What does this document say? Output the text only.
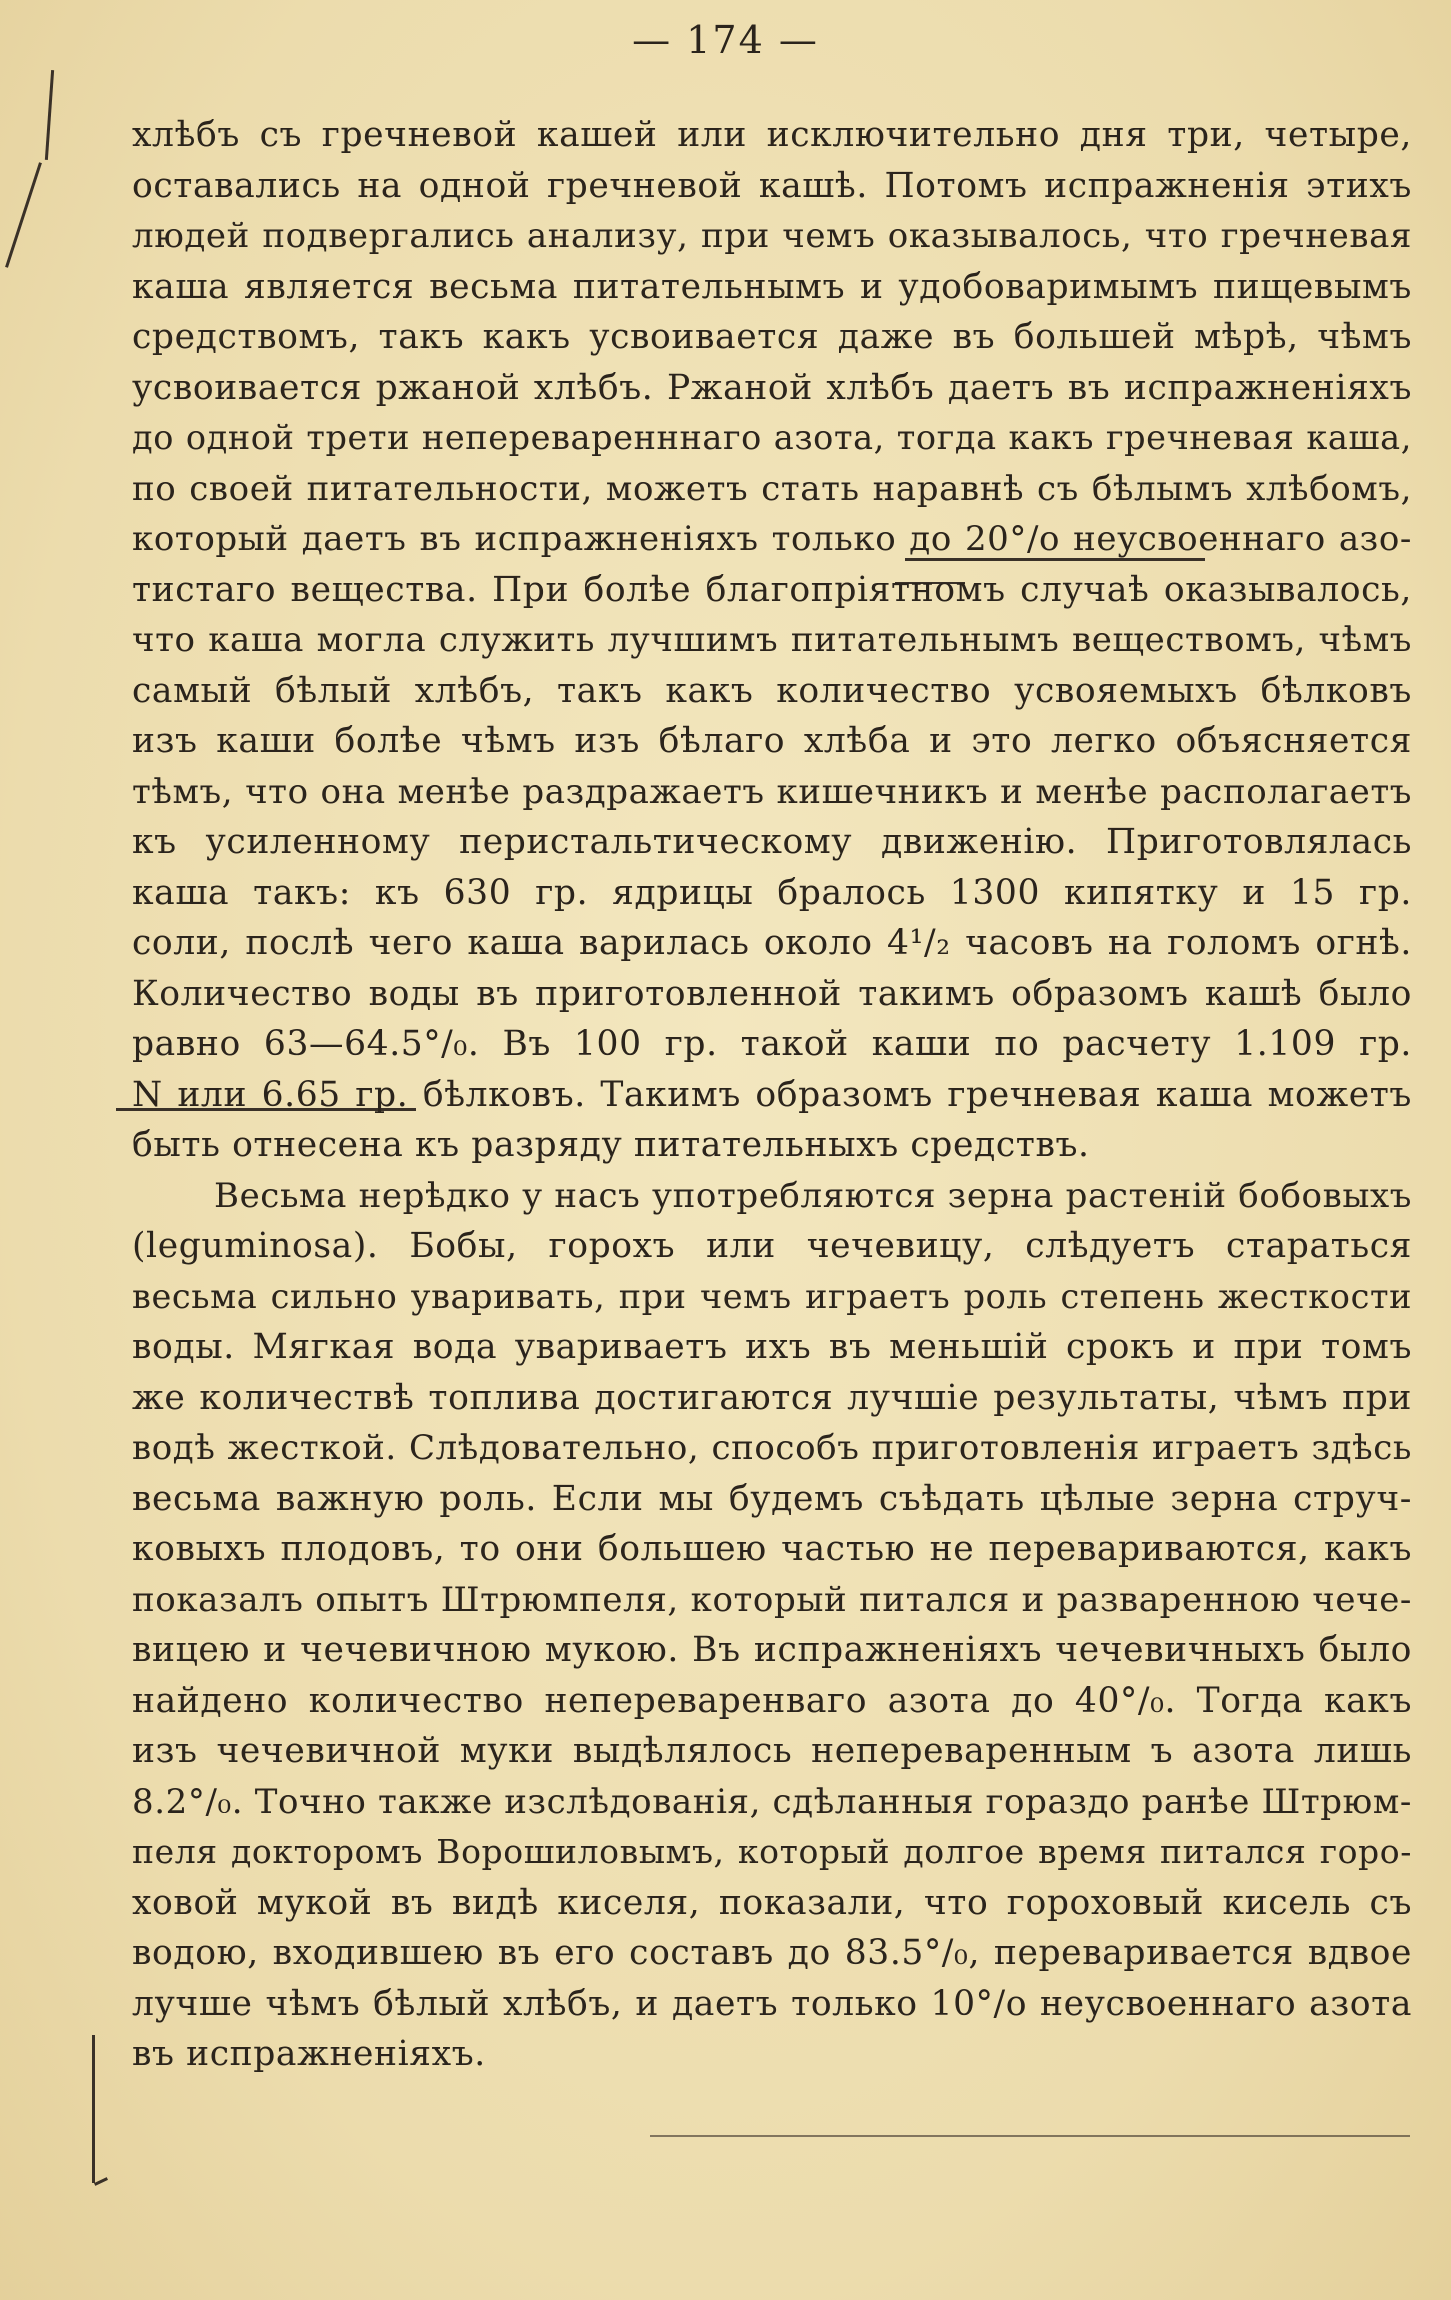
— 174 —
хлѣбъ съ гречневой кашей или исключительно дня три, четыре,
оставались на одной гречневой кашѣ. Потомъ испражненія этихъ
людей подвергались анализу, при чемъ оказывалось, что гречневая
каша является весьма питательнымъ и удобоваримымъ пищевымъ
средствомъ, такъ какъ усвоивается даже въ большей мѣрѣ, чѣмъ
усвоивается ржаной хлѣбъ. Ржаной хлѣбъ даетъ въ испражненіяхъ
до одной трети непереваренннаго азота, тогда какъ гречневая каша,
по своей питательности, можетъ стать наравнѣ съ бѣлымъ хлѣбомъ,
который даетъ въ испражненіяхъ только до 20°/о неусвоеннаго азо-
тистаго вещества. При болѣе благопріятномъ случаѣ оказывалось,
что каша могла служить лучшимъ питательнымъ веществомъ, чѣмъ
самый бѣлый хлѣбъ, такъ какъ количество усвояемыхъ бѣлковъ
изъ каши болѣе чѣмъ изъ бѣлаго хлѣба и это легко объясняется
тѣмъ, что она менѣе раздражаетъ кишечникъ и менѣе располагаетъ
къ усиленному перистальтическому движенію. Приготовлялась
каша такъ: къ 630 гр. ядрицы бралось 1300 кипятку и 15 гр.
соли, послѣ чего каша варилась около 4¹/₂ часовъ на голомъ огнѣ.
Количество воды въ приготовленной такимъ образомъ кашѣ было
равно 63—64.5°/₀. Въ 100 гр. такой каши по расчету 1.109 гр.
N или 6.65 гр. бѣлковъ. Такимъ образомъ гречневая каша можетъ
быть отнесена къ разряду питательныхъ средствъ.
Весьма нерѣдко у насъ употребляются зерна растеній бобовыхъ
(leguminosa). Бобы, горохъ или чечевицу, слѣдуетъ стараться
весьма сильно уваривать, при чемъ играетъ роль степень жесткости
воды. Мягкая вода увариваетъ ихъ въ меньшій срокъ и при томъ
же количествѣ топлива достигаются лучшіе результаты, чѣмъ при
водѣ жесткой. Слѣдовательно, способъ приготовленія играетъ здѣсь
весьма важную роль. Если мы будемъ съѣдать цѣлые зерна струч-
ковыхъ плодовъ, то они большею частью не перевариваются, какъ
показалъ опытъ Штрюмпеля, который питался и разваренною чече-
вицею и чечевичною мукою. Въ испражненіяхъ чечевичныхъ было
найдено количество непереваренваго азота до 40°/₀. Тогда какъ
изъ чечевичной муки выдѣлялось непереваренным ъ азота лишь
8.2°/₀. Точно также изслѣдованія, сдѣланныя гораздо ранѣе Штрюм-
пеля докторомъ Ворошиловымъ, который долгое время питался горо-
ховой мукой въ видѣ киселя, показали, что гороховый кисель съ
водою, входившею въ его составъ до 83.5°/₀, переваривается вдвое
лучше чѣмъ бѣлый хлѣбъ, и даетъ только 10°/о неусвоеннаго азота
въ испражненіяхъ.
